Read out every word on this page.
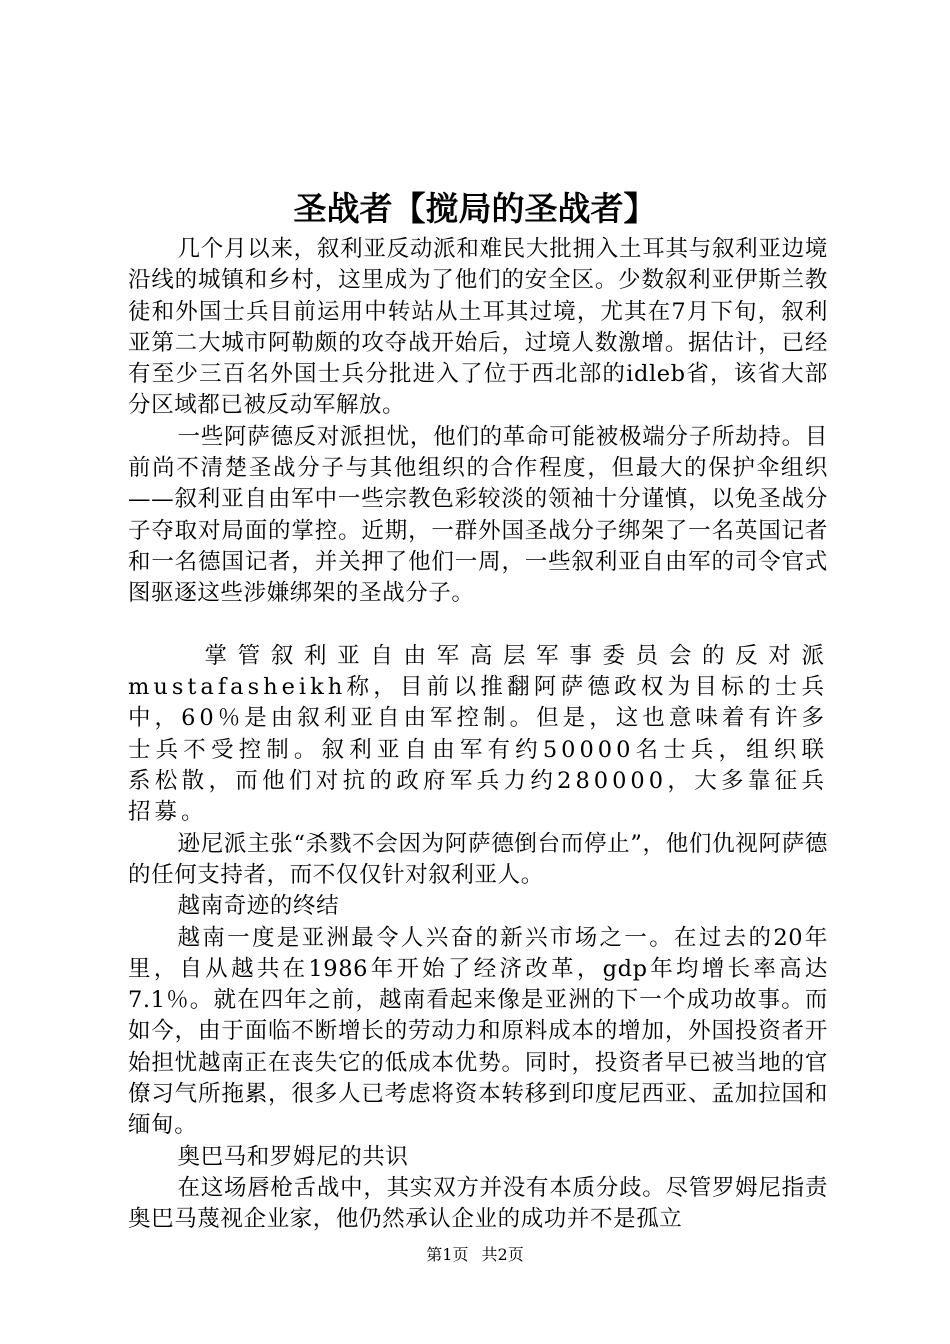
圣战者【搅局的圣战者】

几个月以来，叙利亚反动派和难民大批拥入土耳其与叙利亚边境沿线的城镇和乡村，这里成为了他们的安全区。少数叙利亚伊斯兰教徒和外国士兵目前运用中转站从土耳其过境，尤其在7月下旬，叙利亚第二大城市阿勒颇的攻夺战开始后，过境人数激增。据估计，已经有至少三百名外国士兵分批进入了位于西北部的idleb省，该省大部分区域都已被反动军解放。

一些阿萨德反对派担忧，他们的革命可能被极端分子所劫持。目前尚不清楚圣战分子与其他组织的合作程度，但最大的保护伞组织——叙利亚自由军中一些宗教色彩较淡的领袖十分谨慎，以免圣战分子夺取对局面的掌控。近期，一群外国圣战分子绑架了一名英国记者和一名德国记者，并关押了他们一周，一些叙利亚自由军的司令官式图驱逐这些涉嫌绑架的圣战分子。

掌管叙利亚自由军高层军事委员会的反对派mustafasheikh称，目前以推翻阿萨德政权为目标的士兵中，60％是由叙利亚自由军控制。但是，这也意味着有许多士兵不受控制。叙利亚自由军有约50000名士兵，组织联系松散，而他们对抗的政府军兵力约280000，大多靠征兵招募。

逊尼派主张“杀戮不会因为阿萨德倒台而停止”，他们仇视阿萨德的任何支持者，而不仅仅针对叙利亚人。

越南奇迹的终结

越南一度是亚洲最令人兴奋的新兴市场之一。在过去的20年里，自从越共在1986年开始了经济改革，gdp年均增长率高达7.1％。就在四年之前，越南看起来像是亚洲的下一个成功故事。而如今，由于面临不断增长的劳动力和原料成本的增加，外国投资者开始担忧越南正在丧失它的低成本优势。同时，投资者早已被当地的官僚习气所拖累，很多人已考虑将资本转移到印度尼西亚、孟加拉国和缅甸。

奥巴马和罗姆尼的共识

在这场唇枪舌战中，其实双方并没有本质分歧。尽管罗姆尼指责奥巴马蔑视企业家，他仍然承认企业的成功并不是孤立

第1页 共2页
